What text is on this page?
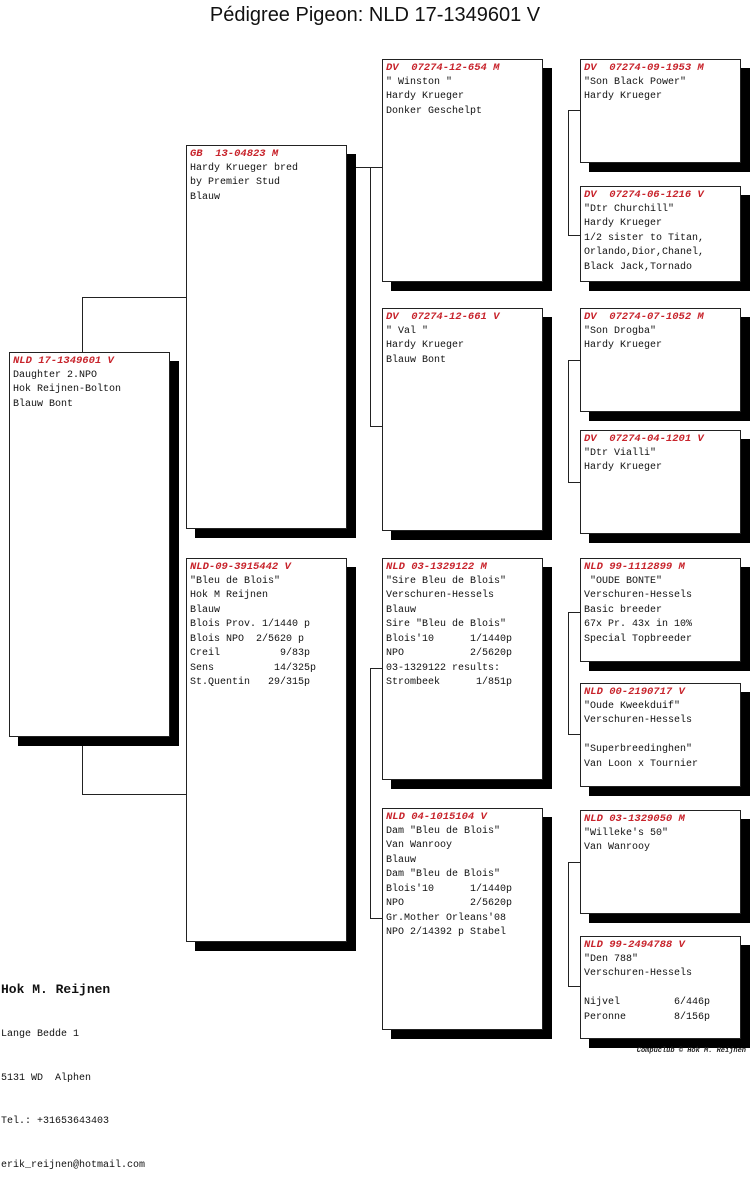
Pédigree Pigeon: NLD 17-1349601 V
NLD 17-1349601 V
Daughter 2.NPO
Hok Reijnen-Bolton
Blauw Bont
GB  13-04823 M
Hardy Krueger bred
by Premier Stud
Blauw
NLD-09-3915442 V
"Bleu de Blois"
Hok M Reijnen
Blauw
Blois Prov. 1/1440 p
Blois NPO  2/5620 p
Creil          9/83p
Sens          14/325p
St.Quentin   29/315p
DV  07274-12-654 M
" Winston "
Hardy Krueger
Donker Geschelpt
DV  07274-12-661 V
" Val "
Hardy Krueger
Blauw Bont
NLD 03-1329122 M
"Sire Bleu de Blois"
Verschuren-Hessels
Blauw
Sire "Bleu de Blois"
Blois'10      1/1440p
NPO           2/5620p
03-1329122 results:
Strombeek      1/851p
NLD 04-1015104 V
Dam "Bleu de Blois"
Van Wanrooy
Blauw
Dam "Bleu de Blois"
Blois'10      1/1440p
NPO           2/5620p
Gr.Mother Orleans'08
NPO 2/14392 p Stabel
DV  07274-09-1953 M
"Son Black Power"
Hardy Krueger
DV  07274-06-1216 V
"Dtr Churchill"
Hardy Krueger
1/2 sister to Titan,
Orlando,Dior,Chanel,
Black Jack,Tornado
DV  07274-07-1052 M
"Son Drogba"
Hardy Krueger
DV  07274-04-1201 V
"Dtr Vialli"
Hardy Krueger
NLD 99-1112899 M
"OUDE BONTE"
Verschuren-Hessels
Basic breeder
67x Pr. 43x in 10%
Special Topbreeder
NLD 00-2190717 V
"Oude Kweekduif"
Verschuren-Hessels
"Superbreedinghen"
Van Loon x Tournier
NLD 03-1329050 M
"Willeke's 50"
Van Wanrooy
NLD 99-2494788 V
"Den 788"
Verschuren-Hessels
Nijvel         6/446p
Peronne        8/156p

Hok M. Reijnen

Lange Bedde 1

5131 WD  Alphen

Tel.: +31653643403

erik_reijnen@hotmail.com

Compuclub © Hok M. Reijnen
